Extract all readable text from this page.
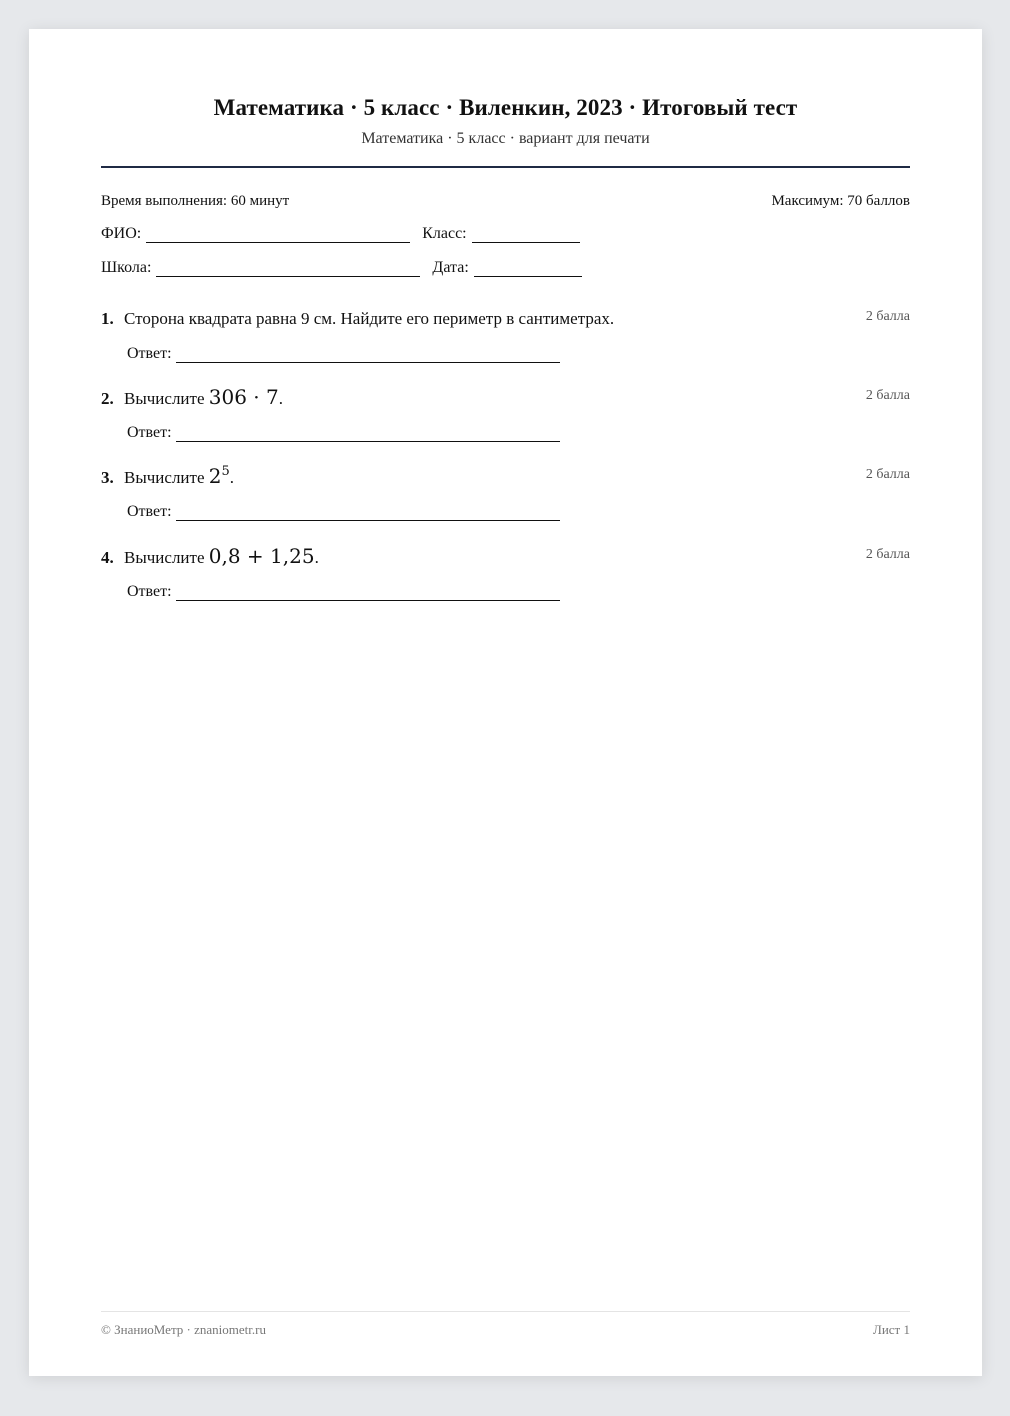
Математика · 5 класс · Виленкин, 2023 · Итоговый тест
Математика · 5 класс · вариант для печати
Время выполнения: 60 минут	Максимум: 70 баллов
ФИО:	Класс:
Школа:	Дата:
1. Сторона квадрата равна 9 см. Найдите его периметр в сантиметрах.	2 балла
Ответ:
2. Вычислите 306 · 7.	2 балла
Ответ:
3. Вычислите $2^5$.	2 балла
Ответ:
4. Вычислите 0,8 + 1,25.	2 балла
Ответ:
© ЗнаниоМетр · znaniometr.ru	Лист 1
